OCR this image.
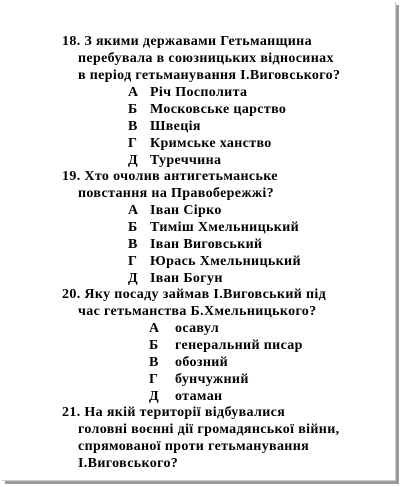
18. З якими державами Гетьманщина
перебувала в союзницьких відносинах
в період гетьманування І.Виговського?
А Річ Посполита
Б Московське царство
В Швеція
Г Кримське ханство
Д Туреччина
19. Хто очолив антигетьманське
повстання на Правобережжі?
А Іван Сірко
Б Тиміш Хмельницький
В Іван Виговський
Г Юрась Хмельницький
Д Іван Богун
20. Яку посаду займав І.Виговський під
час гетьманства Б.Хмельницького?
А осавул
Б генеральний писар
В обозний
Г бунчужний
Д отаман
21. На якій території відбувалися
головні воєнні дії громадянської війни,
спрямованої проти гетьманування
І.Виговського?
